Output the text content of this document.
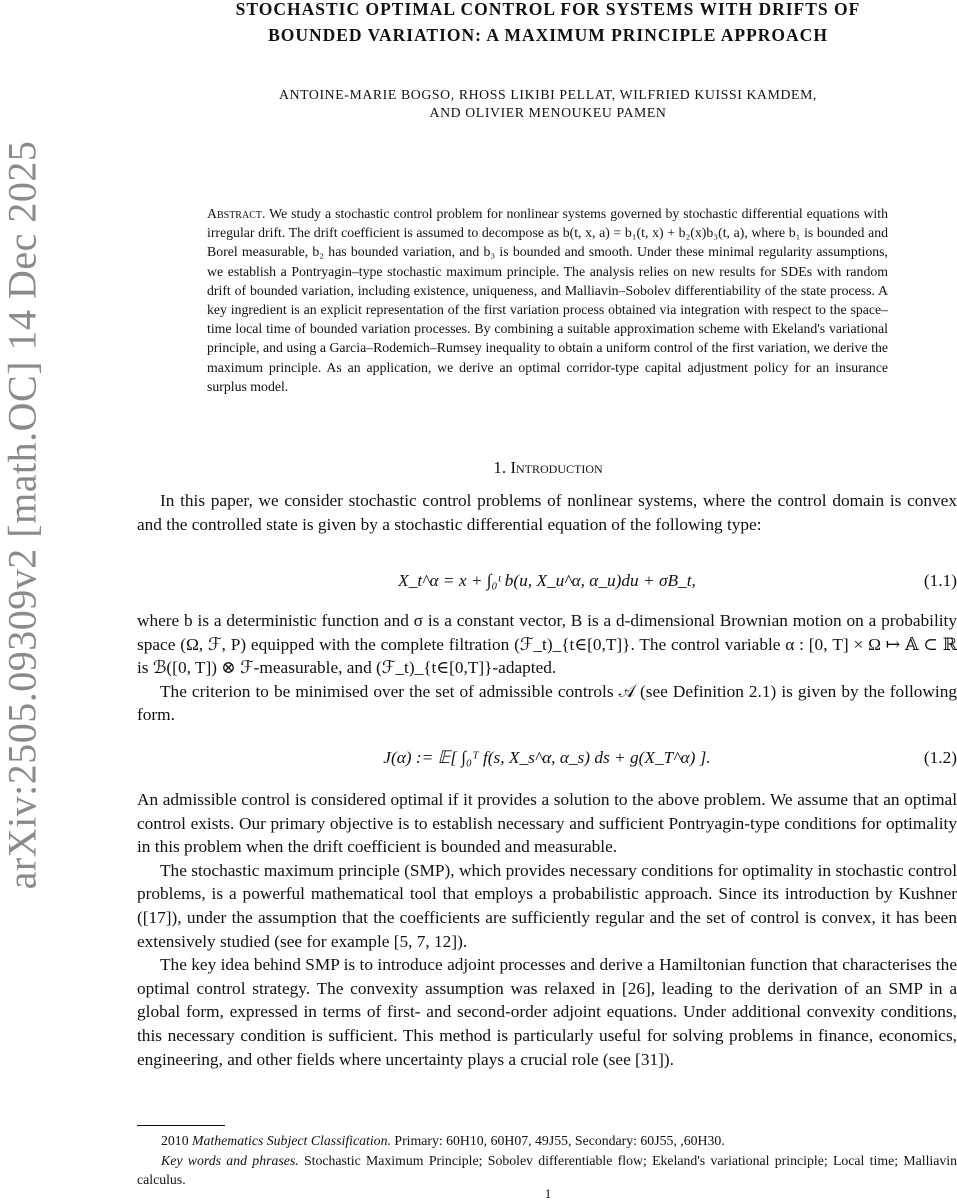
arXiv:2505.09309v2 [math.OC] 14 Dec 2025
STOCHASTIC OPTIMAL CONTROL FOR SYSTEMS WITH DRIFTS OF
BOUNDED VARIATION: A MAXIMUM PRINCIPLE APPROACH
ANTOINE-MARIE BOGSO, RHOSS LIKIBI PELLAT, WILFRIED KUISSI KAMDEM,
AND OLIVIER MENOUKEU PAMEN
Abstract. We study a stochastic control problem for nonlinear systems governed by stochastic differential equations with irregular drift. The drift coefficient is assumed to decompose as b(t, x, a) = b₁(t, x) + b₂(x)b₃(t, a), where b₁ is bounded and Borel measurable, b₂ has bounded variation, and b₃ is bounded and smooth. Under these minimal regularity assumptions, we establish a Pontryagin–type stochastic maximum principle. The analysis relies on new results for SDEs with random drift of bounded variation, including existence, uniqueness, and Malliavin–Sobolev differentiability of the state process. A key ingredient is an explicit representation of the first variation process obtained via integration with respect to the space–time local time of bounded variation processes. By combining a suitable approximation scheme with Ekeland's variational principle, and using a Garcia–Rodemich–Rumsey inequality to obtain a uniform control of the first variation, we derive the maximum principle. As an application, we derive an optimal corridor-type capital adjustment policy for an insurance surplus model.
1. Introduction

In this paper, we consider stochastic control problems of nonlinear systems, where the control domain is convex and the controlled state is given by a stochastic differential equation of the following type:

X_t^α = x + ∫₀ᵗ b(u, X_u^α, α_u)du + σB_t,	(1.1)

where b is a deterministic function and σ is a constant vector, B is a d-dimensional Brownian motion on a probability space (Ω, ℱ, P) equipped with the complete filtration (ℱ_t)_{t∈[0,T]}. The control variable α : [0, T] × Ω ↦ 𝔸 ⊂ ℝ is ℬ([0, T]) ⊗ ℱ-measurable, and (ℱ_t)_{t∈[0,T]}-adapted.

The criterion to be minimised over the set of admissible controls 𝒜 (see Definition 2.1) is given by the following form.

J(α) := 𝔼[ ∫₀ᵀ f(s, X_s^α, α_s) ds + g(X_T^α) ].	(1.2)

An admissible control is considered optimal if it provides a solution to the above problem. We assume that an optimal control exists. Our primary objective is to establish necessary and sufficient Pontryagin-type conditions for optimality in this problem when the drift coefficient is bounded and measurable.

The stochastic maximum principle (SMP), which provides necessary conditions for optimality in stochastic control problems, is a powerful mathematical tool that employs a probabilistic approach. Since its introduction by Kushner ([17]), under the assumption that the coefficients are sufficiently regular and the set of control is convex, it has been extensively studied (see for example [5, 7, 12]).

The key idea behind SMP is to introduce adjoint processes and derive a Hamiltonian function that characterises the optimal control strategy. The convexity assumption was relaxed in [26], leading to the derivation of an SMP in a global form, expressed in terms of first- and second-order adjoint equations. Under additional convexity conditions, this necessary condition is sufficient. This method is particularly useful for solving problems in finance, economics, engineering, and other fields where uncertainty plays a crucial role (see [31]).

2010 Mathematics Subject Classification. Primary: 60H10, 60H07, 49J55, Secondary: 60J55, ,60H30.

Key words and phrases. Stochastic Maximum Principle; Sobolev differentiable flow; Ekeland's variational principle; Local time; Malliavin calculus.

1
